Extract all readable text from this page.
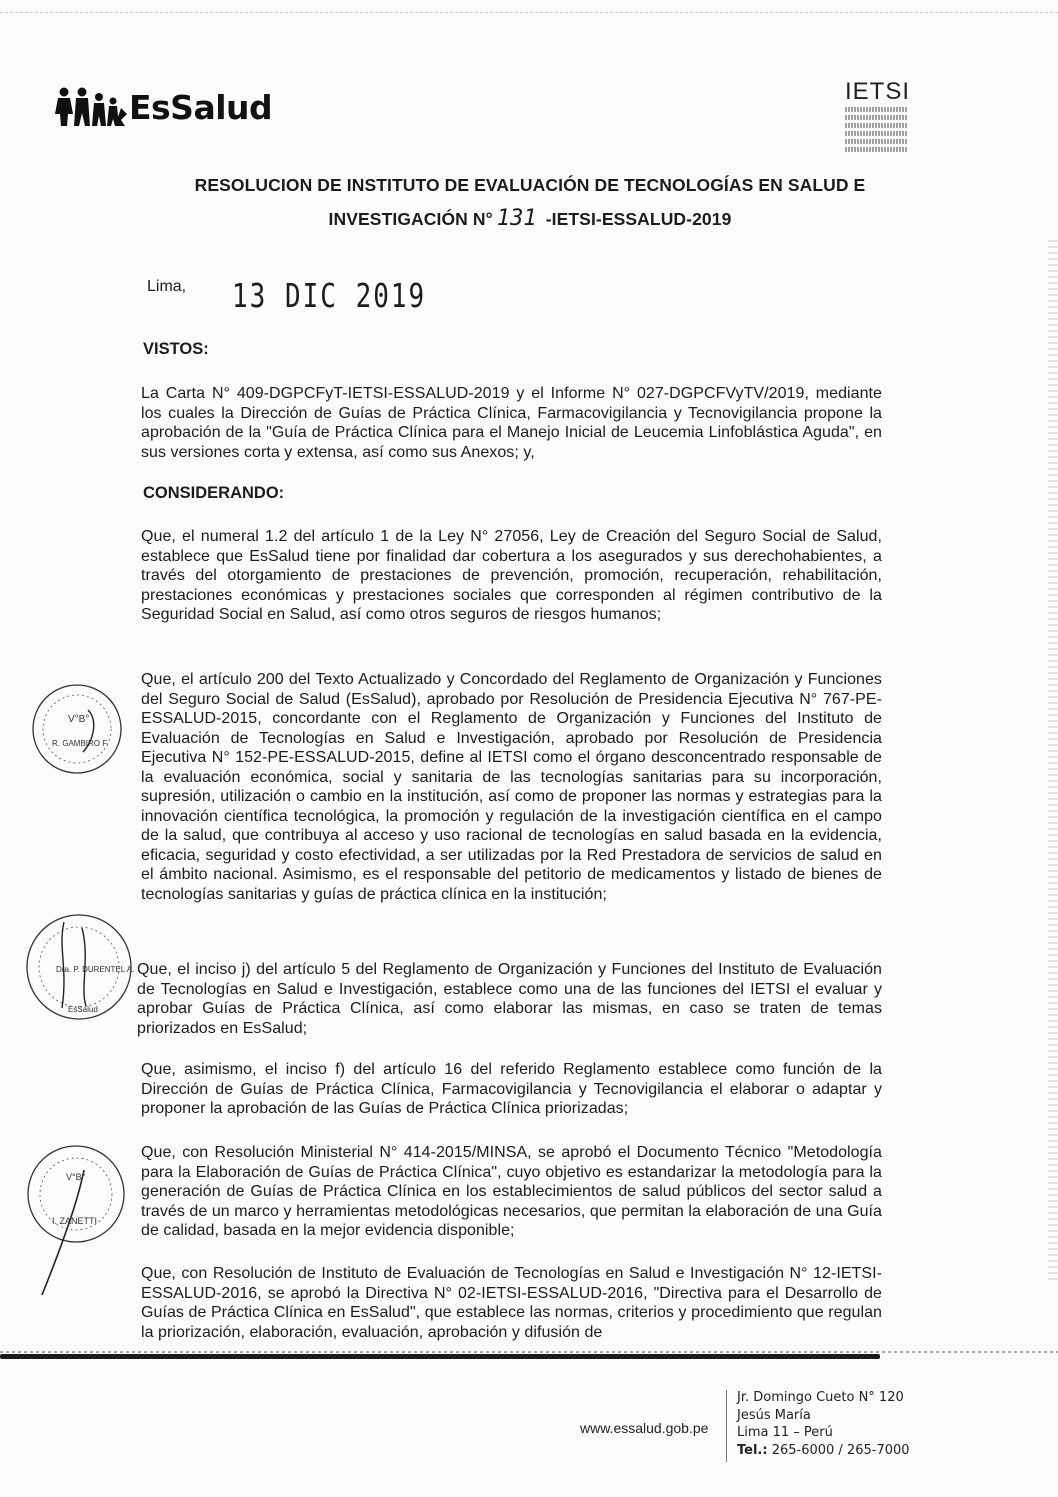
EsSalud	IETSI
RESOLUCION DE INSTITUTO DE EVALUACIÓN DE TECNOLOGÍAS EN SALUD E
INVESTIGACIÓN N° 131 -IETSI-ESSALUD-2019
Lima, 13 DIC 2019
VISTOS:
La Carta N° 409-DGPCFyT-IETSI-ESSALUD-2019 y el Informe N° 027-DGPCFVyTV/2019, mediante los cuales la Dirección de Guías de Práctica Clínica, Farmacovigilancia y Tecnovigilancia propone la aprobación de la "Guía de Práctica Clínica para el Manejo Inicial de Leucemia Linfoblástica Aguda", en sus versiones corta y extensa, así como sus Anexos; y,
CONSIDERANDO:
Que, el numeral 1.2 del artículo 1 de la Ley N° 27056, Ley de Creación del Seguro Social de Salud, establece que EsSalud tiene por finalidad dar cobertura a los asegurados y sus derechohabientes, a través del otorgamiento de prestaciones de prevención, promoción, recuperación, rehabilitación, prestaciones económicas y prestaciones sociales que corresponden al régimen contributivo de la Seguridad Social en Salud, así como otros seguros de riesgos humanos;
Que, el artículo 200 del Texto Actualizado y Concordado del Reglamento de Organización y Funciones del Seguro Social de Salud (EsSalud), aprobado por Resolución de Presidencia Ejecutiva N° 767-PE-ESSALUD-2015, concordante con el Reglamento de Organización y Funciones del Instituto de Evaluación de Tecnologías en Salud e Investigación, aprobado por Resolución de Presidencia Ejecutiva N° 152-PE-ESSALUD-2015, define al IETSI como el órgano desconcentrado responsable de la evaluación económica, social y sanitaria de las tecnologías sanitarias para su incorporación, supresión, utilización o cambio en la institución, así como de proponer las normas y estrategias para la innovación científica tecnológica, la promoción y regulación de la investigación científica en el campo de la salud, que contribuya al acceso y uso racional de tecnologías en salud basada en la evidencia, eficacia, seguridad y costo efectividad, a ser utilizadas por la Red Prestadora de servicios de salud en el ámbito nacional. Asimismo, es el responsable del petitorio de medicamentos y listado de bienes de tecnologías sanitarias y guías de práctica clínica en la institución;
Que, el inciso j) del artículo 5 del Reglamento de Organización y Funciones del Instituto de Evaluación de Tecnologías en Salud e Investigación, establece como una de las funciones del IETSI el evaluar y aprobar Guías de Práctica Clínica, así como elaborar las mismas, en caso se traten de temas priorizados en EsSalud;
Que, asimismo, el inciso f) del artículo 16 del referido Reglamento establece como función de la Dirección de Guías de Práctica Clínica, Farmacovigilancia y Tecnovigilancia el elaborar o adaptar y proponer la aprobación de las Guías de Práctica Clínica priorizadas;
Que, con Resolución Ministerial N° 414-2015/MINSA, se aprobó el Documento Técnico "Metodología para la Elaboración de Guías de Práctica Clínica", cuyo objetivo es estandarizar la metodología para la generación de Guías de Práctica Clínica en los establecimientos de salud públicos del sector salud a través de un marco y herramientas metodológicas necesarios, que permitan la elaboración de una Guía de calidad, basada en la mejor evidencia disponible;
Que, con Resolución de Instituto de Evaluación de Tecnologías en Salud e Investigación N° 12-IETSI-ESSALUD-2016, se aprobó la Directiva N° 02-IETSI-ESSALUD-2016, "Directiva para el Desarrollo de Guías de Práctica Clínica en EsSalud", que establece las normas, criterios y procedimiento que regulan la priorización, elaboración, evaluación, aprobación y difusión de
V°B°
R. GAMBIRO F.
Dra. P. DURENTEL A.
EsSalud
V°B°
I. ZANETTI
www.essalud.gob.pe
Jr. Domingo Cueto N° 120
Jesús María
Lima 11 – Perú
Tel.: 265-6000 / 265-7000
